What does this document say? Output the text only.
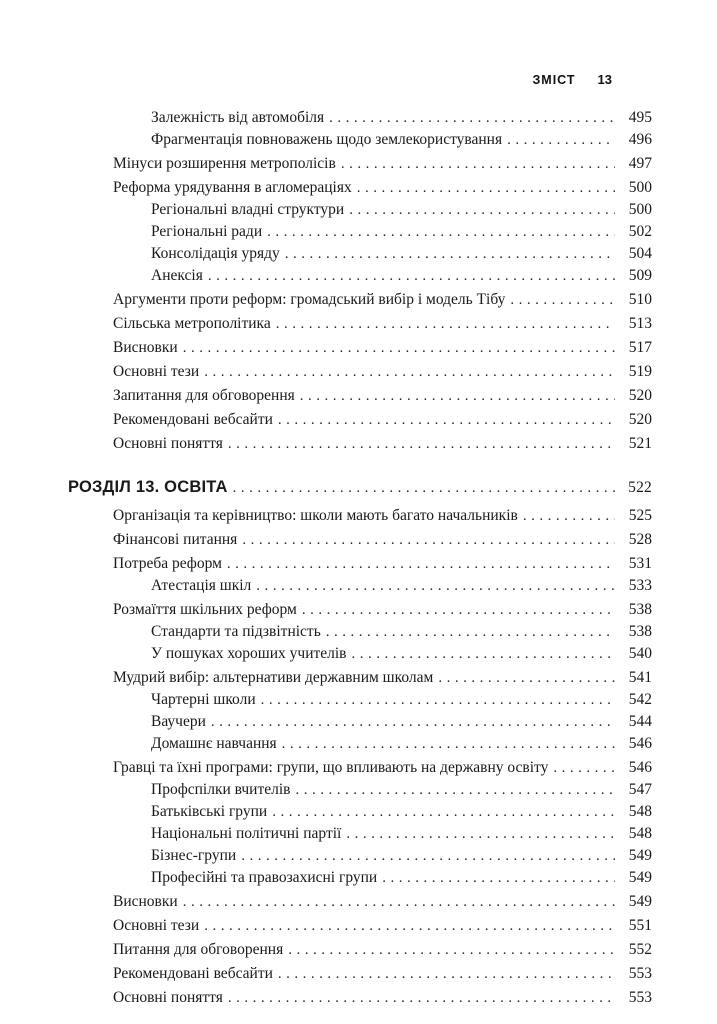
ЗМІСТ 13
Залежність від автомобіля .....	495
Фрагментація повноважень щодо землекористування .....	496
Мінуси розширення метрополісів .....	497
Реформа урядування в агломераціях .....	500
Регіональні владні структури .....	500
Регіональні ради .....	502
Консолідація уряду .....	504
Анексія .....	509
Аргументи проти реформ: громадський вибір і модель Тібу .....	510
Сільська метрополітика .....	513
Висновки .....	517
Основні тези .....	519
Запитання для обговорення .....	520
Рекомендовані вебсайти .....	520
Основні поняття .....	521
РОЗДІЛ 13. ОСВІТА .....	522
Організація та керівництво: школи мають багато начальників .....	525
Фінансові питання .....	528
Потреба реформ .....	531
Атестація шкіл .....	533
Розмаїття шкільних реформ .....	538
Стандарти та підзвітність .....	538
У пошуках хороших учителів .....	540
Мудрий вибір: альтернативи державним школам .....	541
Чартерні школи .....	542
Ваучери .....	544
Домашнє навчання .....	546
Гравці та їхні програми: групи, що впливають на державну освіту .....	546
Профспілки вчителів .....	547
Батьківські групи .....	548
Національні політичні партії .....	548
Бізнес-групи .....	549
Професійні та правозахисні групи .....	549
Висновки .....	549
Основні тези .....	551
Питання для обговорення .....	552
Рекомендовані вебсайти .....	553
Основні поняття .....	553
